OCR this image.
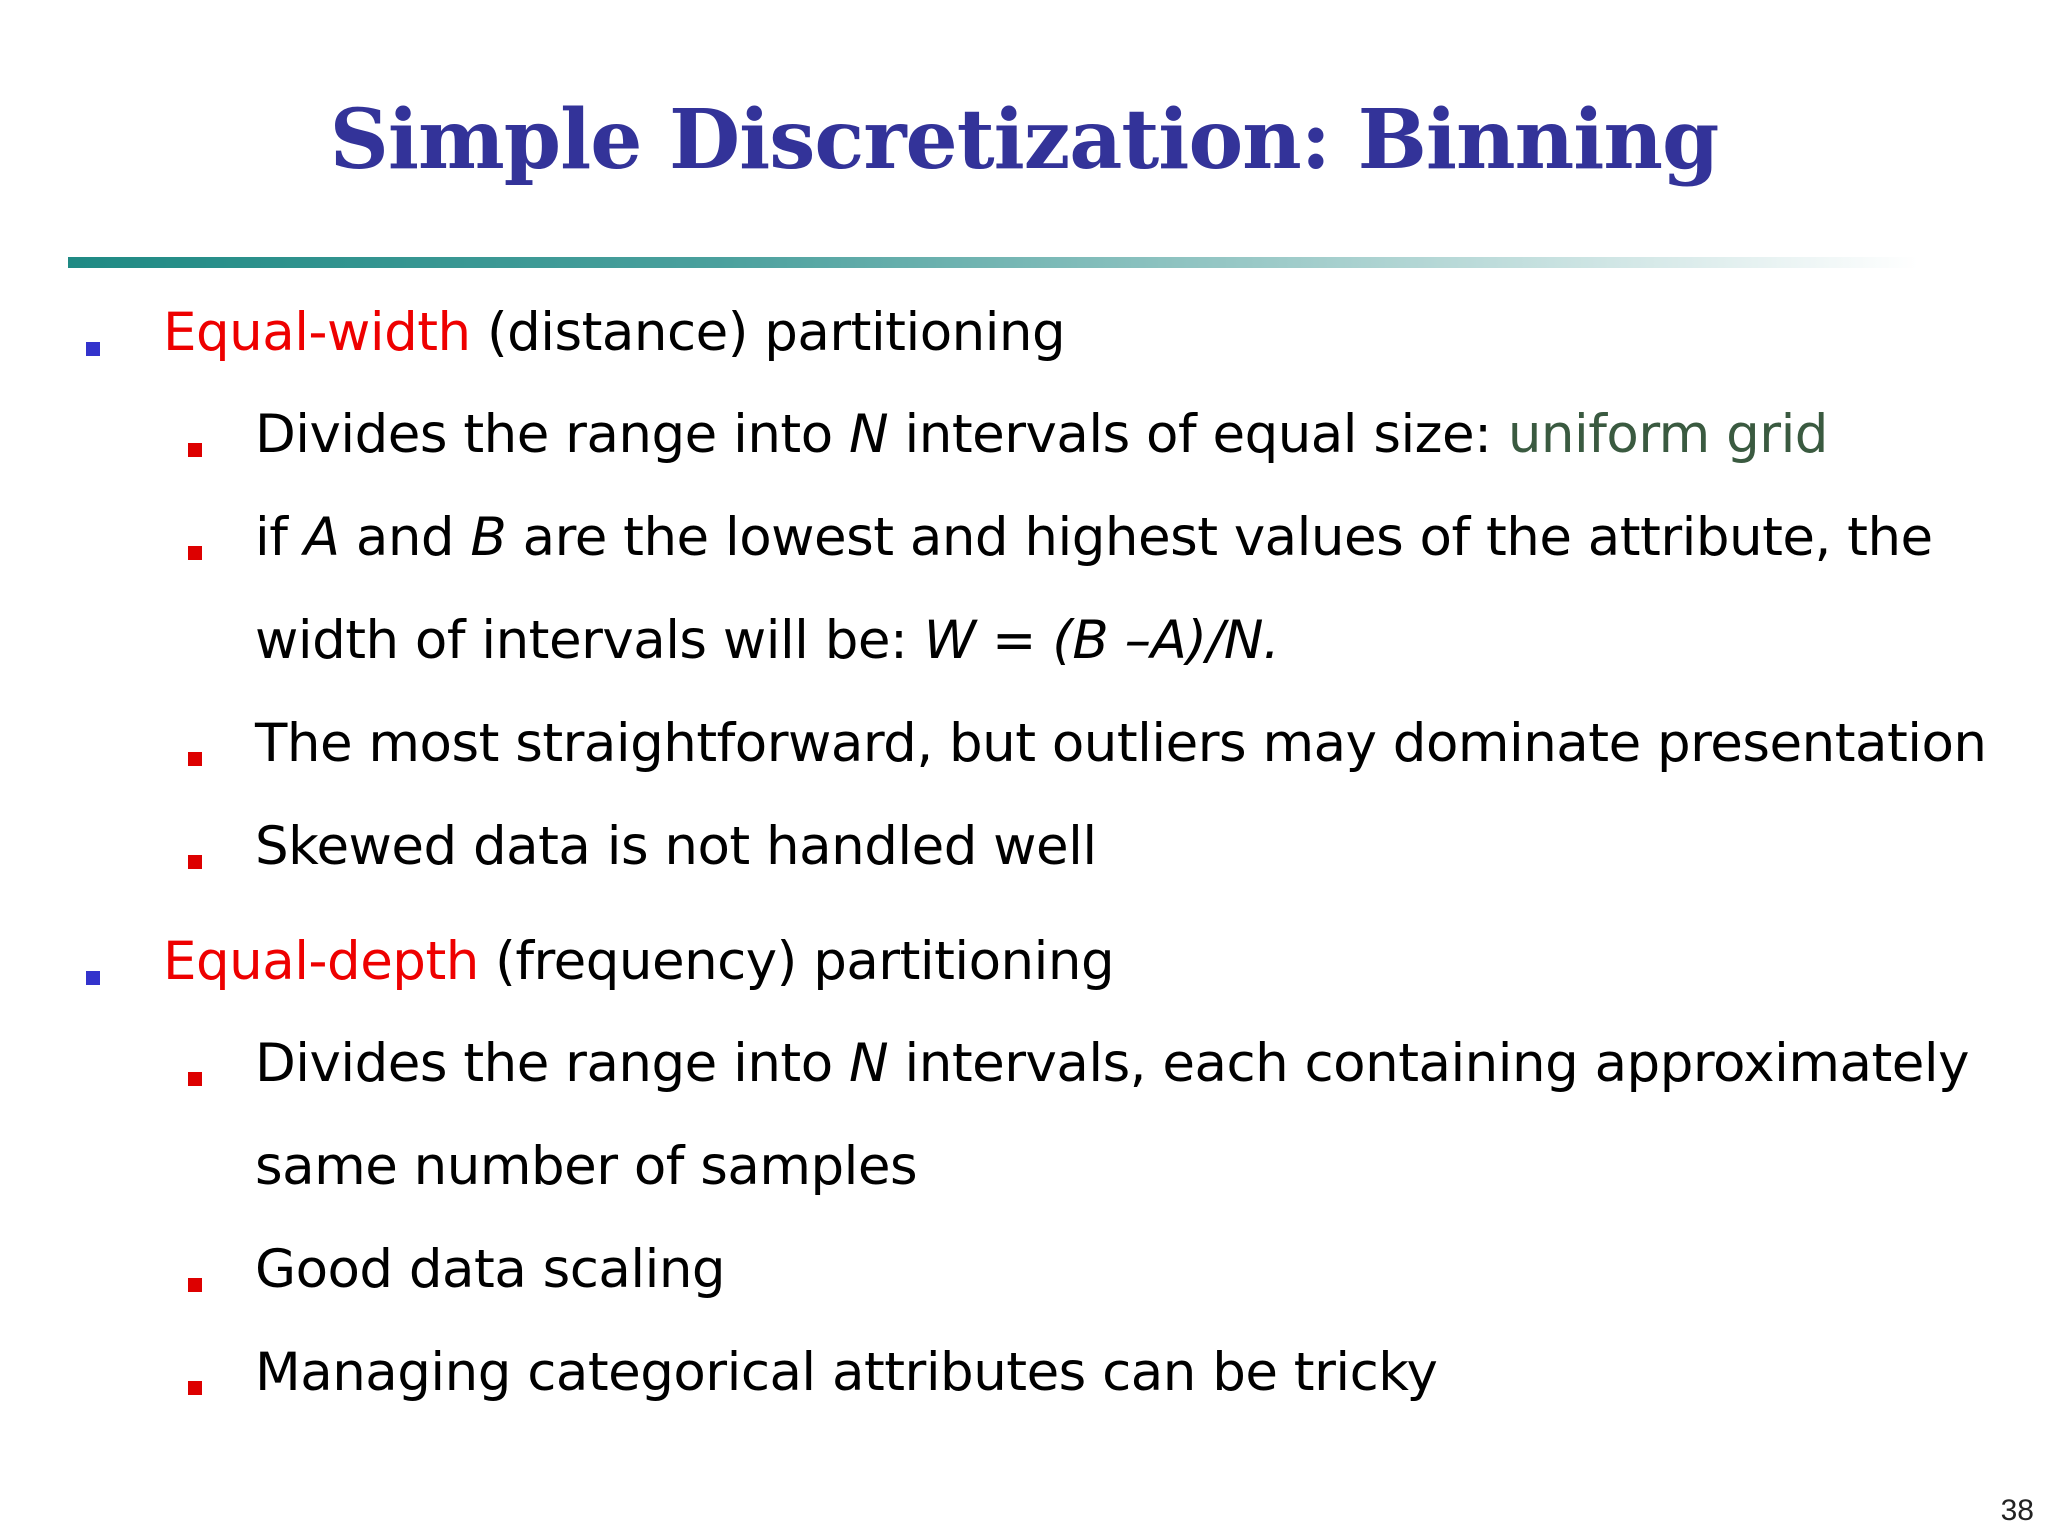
Simple Discretization: Binning
Equal-width (distance) partitioning
Divides the range into N intervals of equal size: uniform grid
if A and B are the lowest and highest values of the attribute, the
width of intervals will be: W = (B –A)/N.
The most straightforward, but outliers may dominate presentation
Skewed data is not handled well
Equal-depth (frequency) partitioning
Divides the range into N intervals, each containing approximately
same number of samples
Good data scaling
Managing categorical attributes can be tricky
38
